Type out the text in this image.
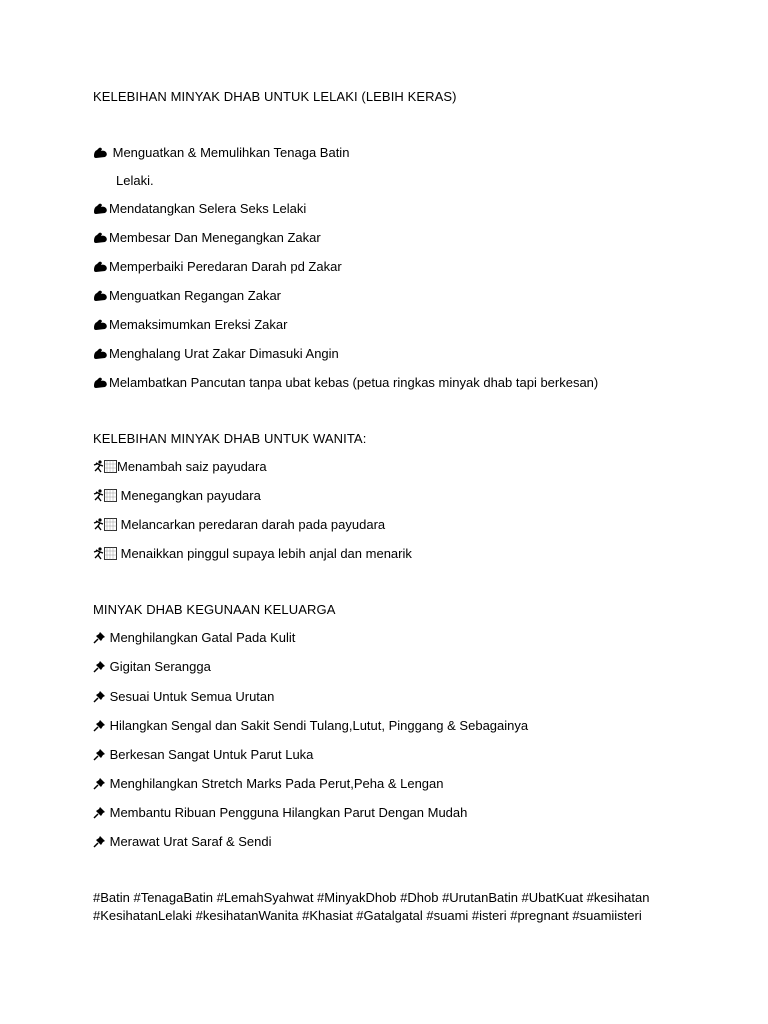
KELEBIHAN MINYAK DHAB UNTUK LELAKI (LEBIH KERAS)
Menguatkan & Memulihkan Tenaga Batin
Lelaki.
Mendatangkan Selera Seks Lelaki
Membesar Dan Menegangkan Zakar
Memperbaiki Peredaran Darah pd Zakar
Menguatkan Regangan Zakar
Memaksimumkan Ereksi Zakar
Menghalang Urat Zakar Dimasuki Angin
Melambatkan Pancutan tanpa ubat kebas (petua ringkas minyak dhab tapi berkesan)
KELEBIHAN MINYAK DHAB UNTUK WANITA:
Menambah saiz payudara
Menegangkan payudara
Melancarkan peredaran darah pada payudara
Menaikkan pinggul supaya lebih anjal dan menarik
MINYAK DHAB KEGUNAAN KELUARGA
Menghilangkan Gatal Pada Kulit
Gigitan Serangga
Sesuai Untuk Semua Urutan
Hilangkan Sengal dan Sakit Sendi Tulang,Lutut, Pinggang & Sebagainya
Berkesan Sangat Untuk Parut Luka
Menghilangkan Stretch Marks Pada Perut,Peha & Lengan
Membantu Ribuan Pengguna Hilangkan Parut Dengan Mudah
Merawat Urat Saraf & Sendi
#Batin #TenagaBatin #LemahSyahwat #MinyakDhob #Dhob #UrutanBatin #UbatKuat #kesihatan #KesihatanLelaki #kesihatanWanita #Khasiat #Gatalgatal #suami #isteri #pregnant #suamiisteri
